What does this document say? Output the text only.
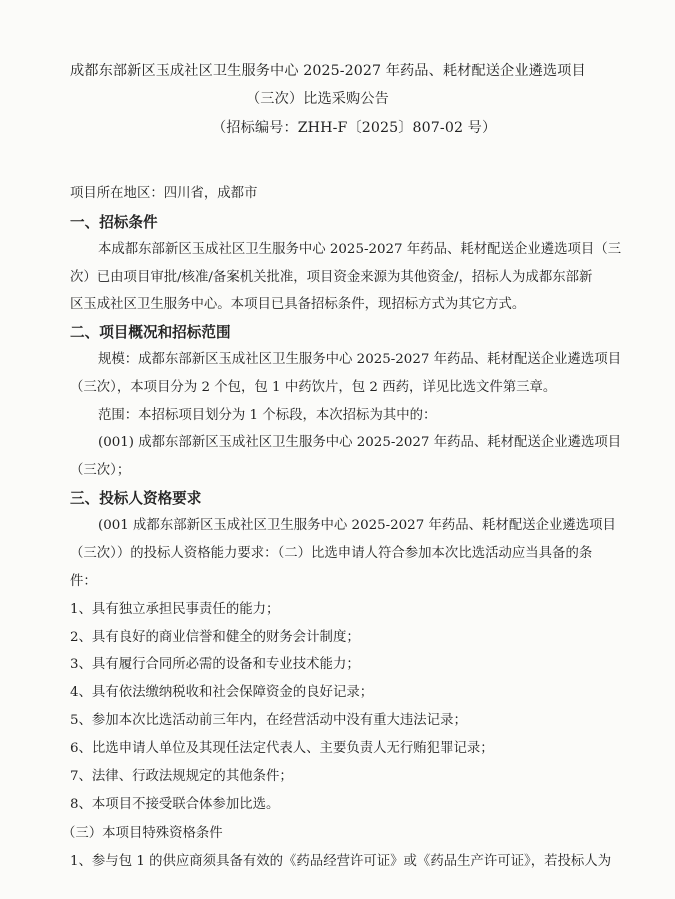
成都东部新区玉成社区卫生服务中心 2025-2027 年药品、耗材配送企业遴选项目
（三次）比选采购公告
（招标编号：ZHH-F〔2025〕807-02 号）
项目所在地区：四川省，成都市
一、招标条件
本成都东部新区玉成社区卫生服务中心 2025-2027 年药品、耗材配送企业遴选项目（三
次）已由项目审批/核准/备案机关批准，项目资金来源为其他资金/，招标人为成都东部新
区玉成社区卫生服务中心。本项目已具备招标条件，现招标方式为其它方式。
二、项目概况和招标范围
规模：成都东部新区玉成社区卫生服务中心 2025-2027 年药品、耗材配送企业遴选项目
（三次），本项目分为 2 个包，包 1 中药饮片，包 2 西药，详见比选文件第三章。
范围：本招标项目划分为 1 个标段，本次招标为其中的：
(001) 成都东部新区玉成社区卫生服务中心 2025-2027 年药品、耗材配送企业遴选项目
（三次）；
三、投标人资格要求
(001 成都东部新区玉成社区卫生服务中心 2025-2027 年药品、耗材配送企业遴选项目
（三次））的投标人资格能力要求：（二）比选申请人符合参加本次比选活动应当具备的条
件：
1、具有独立承担民事责任的能力；
2、具有良好的商业信誉和健全的财务会计制度；
3、具有履行合同所必需的设备和专业技术能力；
4、具有依法缴纳税收和社会保障资金的良好记录；
5、参加本次比选活动前三年内，在经营活动中没有重大违法记录；
6、比选申请人单位及其现任法定代表人、主要负责人无行贿犯罪记录；
7、法律、行政法规规定的其他条件；
8、本项目不接受联合体参加比选。
（三）本项目特殊资格条件
1、参与包 1 的供应商须具备有效的《药品经营许可证》或《药品生产许可证》，若投标人为
